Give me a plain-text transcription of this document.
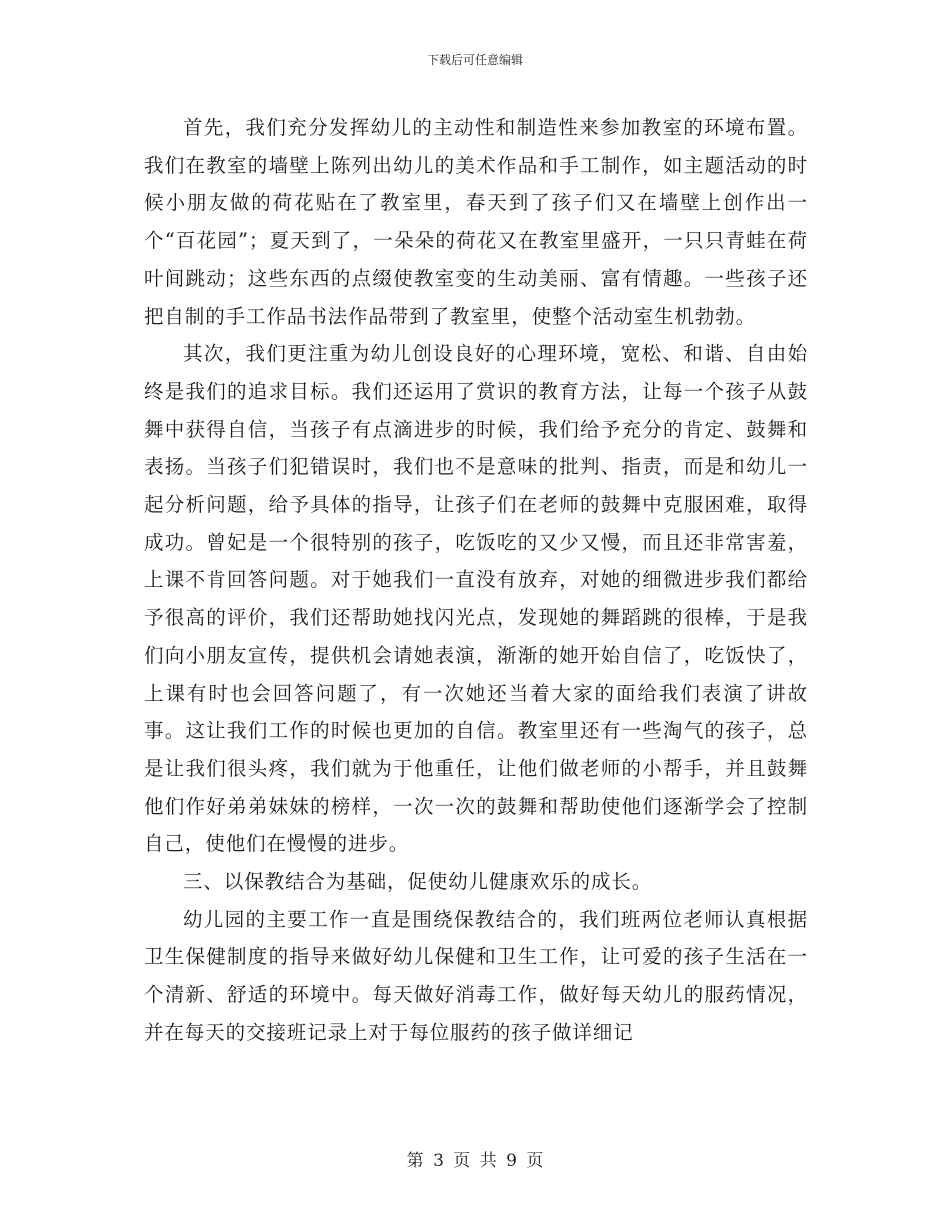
下载后可任意编辑

首先，我们充分发挥幼儿的主动性和制造性来参加教室的环境布置。我们在教室的墙壁上陈列出幼儿的美术作品和手工制作，如主题活动的时候小朋友做的荷花贴在了教室里，春天到了孩子们又在墙壁上创作出一个“百花园”；夏天到了，一朵朵的荷花又在教室里盛开，一只只青蛙在荷叶间跳动；这些东西的点缀使教室变的生动美丽、富有情趣。一些孩子还把自制的手工作品书法作品带到了教室里，使整个活动室生机勃勃。

其次，我们更注重为幼儿创设良好的心理环境，宽松、和谐、自由始终是我们的追求目标。我们还运用了赏识的教育方法，让每一个孩子从鼓舞中获得自信，当孩子有点滴进步的时候，我们给予充分的肯定、鼓舞和表扬。当孩子们犯错误时，我们也不是意味的批判、指责，而是和幼儿一起分析问题，给予具体的指导，让孩子们在老师的鼓舞中克服困难，取得成功。曾妃是一个很特别的孩子，吃饭吃的又少又慢，而且还非常害羞，上课不肯回答问题。对于她我们一直没有放弃，对她的细微进步我们都给予很高的评价，我们还帮助她找闪光点，发现她的舞蹈跳的很棒，于是我们向小朋友宣传，提供机会请她表演，渐渐的她开始自信了，吃饭快了，上课有时也会回答问题了，有一次她还当着大家的面给我们表演了讲故事。这让我们工作的时候也更加的自信。教室里还有一些淘气的孩子，总是让我们很头疼，我们就为于他重任，让他们做老师的小帮手，并且鼓舞他们作好弟弟妹妹的榜样，一次一次的鼓舞和帮助使他们逐渐学会了控制自己，使他们在慢慢的进步。

三、以保教结合为基础，促使幼儿健康欢乐的成长。

幼儿园的主要工作一直是围绕保教结合的，我们班两位老师认真根据卫生保健制度的指导来做好幼儿保健和卫生工作，让可爱的孩子生活在一个清新、舒适的环境中。每天做好消毒工作，做好每天幼儿的服药情况，并在每天的交接班记录上对于每位服药的孩子做详细记

第 3 页 共 9 页
